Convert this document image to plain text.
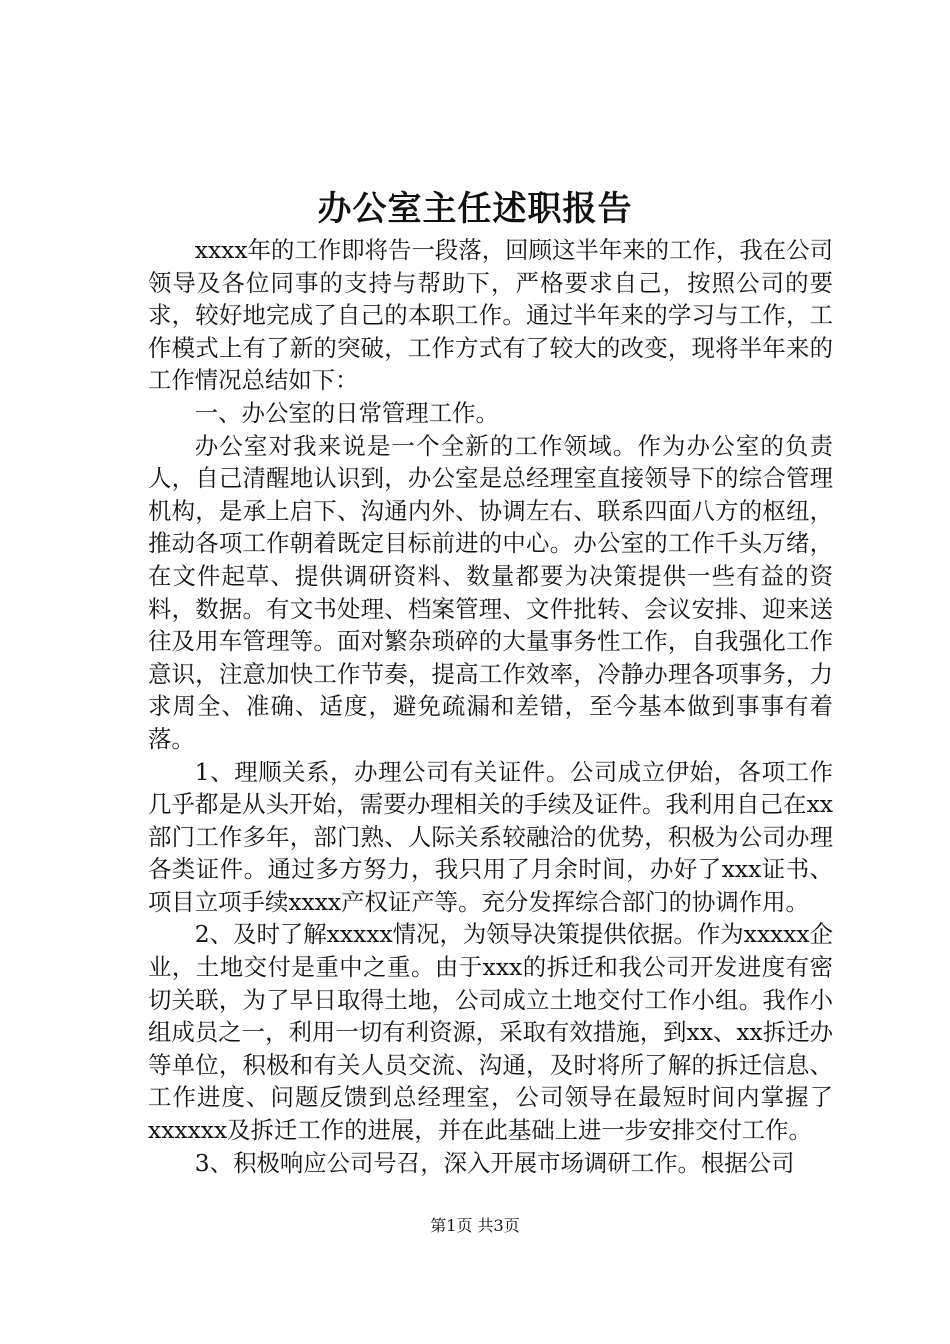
办公室主任述职报告

xxxx年的工作即将告一段落，回顾这半年来的工作，我在公司领导及各位同事的支持与帮助下，严格要求自己，按照公司的要求，较好地完成了自己的本职工作。通过半年来的学习与工作，工作模式上有了新的突破，工作方式有了较大的改变，现将半年来的工作情况总结如下：

一、办公室的日常管理工作。

办公室对我来说是一个全新的工作领域。作为办公室的负责人，自己清醒地认识到，办公室是总经理室直接领导下的综合管理机构，是承上启下、沟通内外、协调左右、联系四面八方的枢纽，推动各项工作朝着既定目标前进的中心。办公室的工作千头万绪，在文件起草、提供调研资料、数量都要为决策提供一些有益的资料，数据。有文书处理、档案管理、文件批转、会议安排、迎来送往及用车管理等。面对繁杂琐碎的大量事务性工作，自我强化工作意识，注意加快工作节奏，提高工作效率，冷静办理各项事务，力求周全、准确、适度，避免疏漏和差错，至今基本做到事事有着落。

1、理顺关系，办理公司有关证件。公司成立伊始，各项工作几乎都是从头开始，需要办理相关的手续及证件。我利用自己在xx部门工作多年，部门熟、人际关系较融洽的优势，积极为公司办理各类证件。通过多方努力，我只用了月余时间，办好了xxx证书、项目立项手续xxxx产权证产等。充分发挥综合部门的协调作用。

2、及时了解xxxxx情况，为领导决策提供依据。作为xxxxx企业，土地交付是重中之重。由于xxx的拆迁和我公司开发进度有密切关联，为了早日取得土地，公司成立土地交付工作小组。我作小组成员之一，利用一切有利资源，采取有效措施，到xx、xx拆迁办等单位，积极和有关人员交流、沟通，及时将所了解的拆迁信息、工作进度、问题反馈到总经理室，公司领导在最短时间内掌握了xxxxxx及拆迁工作的进展，并在此基础上进一步安排交付工作。

3、积极响应公司号召，深入开展市场调研工作。根据公司

第1页 共3页
